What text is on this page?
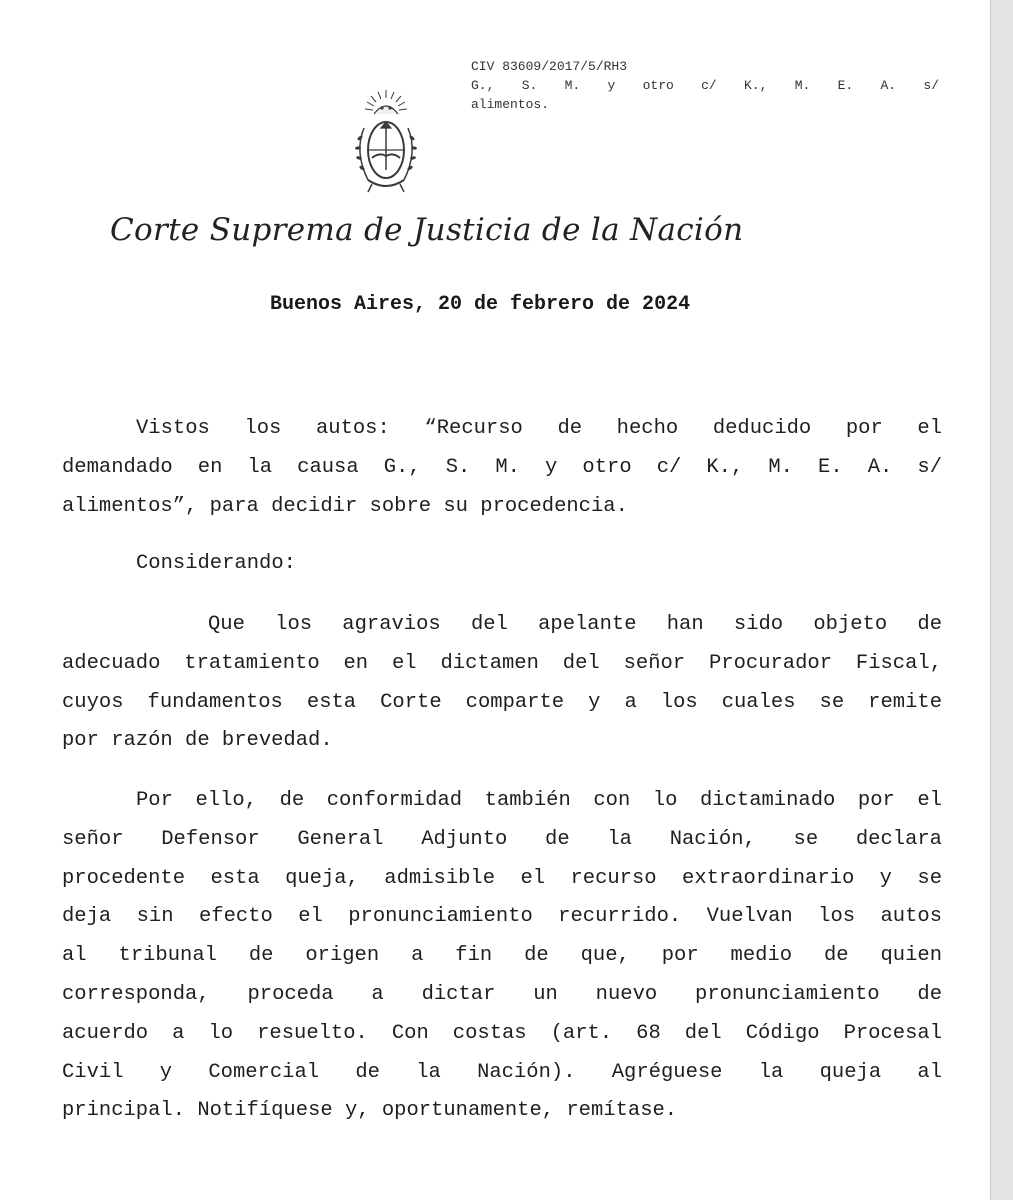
CIV 83609/2017/5/RH3
G., S. M. y otro c/ K., M. E. A. s/
alimentos.
Corte Suprema de Justicia de la Nación
Buenos Aires, 20 de febrero de 2024
Vistos los autos: “Recurso de hecho deducido por el
demandado en la causa G., S. M. y otro c/ K., M. E. A. s/
alimentos”, para decidir sobre su procedencia.
Considerando:
Que los agravios del apelante han sido objeto de
adecuado tratamiento en el dictamen del señor Procurador Fiscal,
cuyos fundamentos esta Corte comparte y a los cuales se remite
por razón de brevedad.
Por ello, de conformidad también con lo dictaminado por el
señor Defensor General Adjunto de la Nación, se declara
procedente esta queja, admisible el recurso extraordinario y se
deja sin efecto el pronunciamiento recurrido. Vuelvan los autos
al tribunal de origen a fin de que, por medio de quien
corresponda, proceda a dictar un nuevo pronunciamiento de
acuerdo a lo resuelto. Con costas (art. 68 del Código Procesal
Civil y Comercial de la Nación). Agréguese la queja al
principal. Notifíquese y, oportunamente, remítase.
